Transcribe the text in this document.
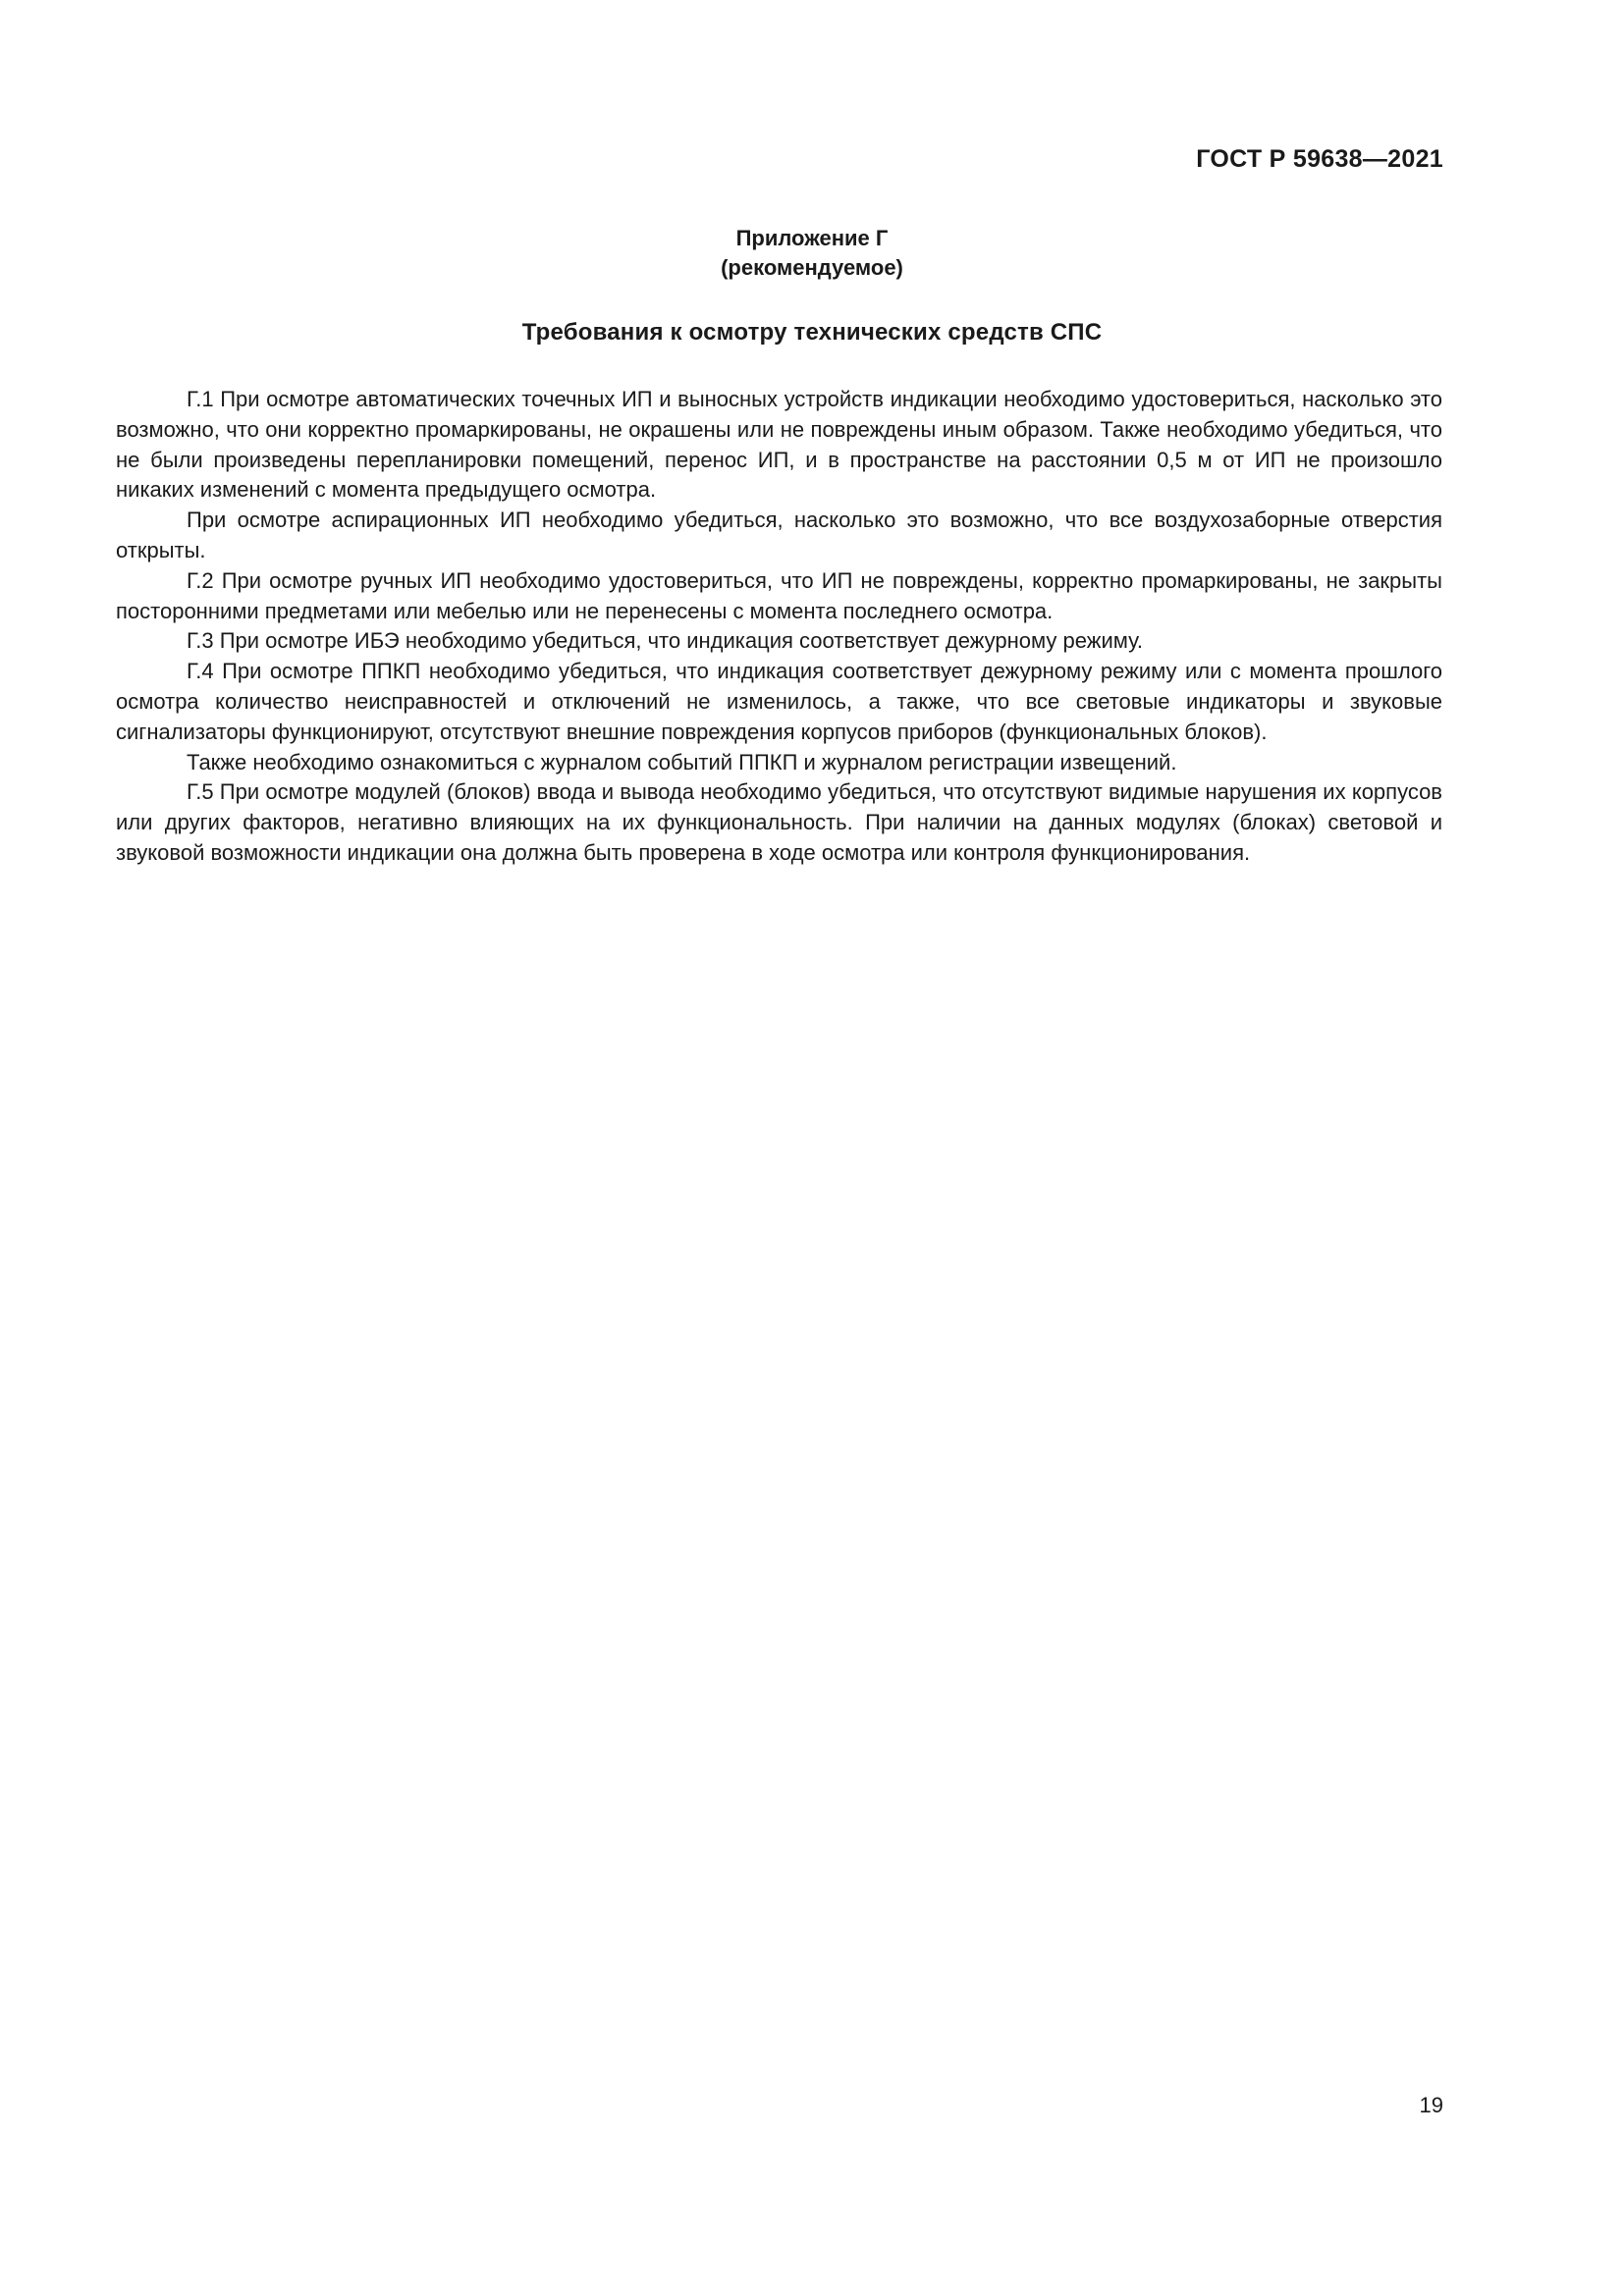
ГОСТ Р 59638—2021
Приложение Г
(рекомендуемое)
Требования к осмотру технических средств СПС

Г.1 При осмотре автоматических точечных ИП и выносных устройств индикации необходимо удостовериться, насколько это возможно, что они корректно промаркированы, не окрашены или не повреждены иным образом. Также необходимо убедиться, что не были произведены перепланировки помещений, перенос ИП, и в пространстве на расстоянии 0,5 м от ИП не произошло никаких изменений с момента предыдущего осмотра.

При осмотре аспирационных ИП необходимо убедиться, насколько это возможно, что все воздухозаборные отверстия открыты.

Г.2 При осмотре ручных ИП необходимо удостовериться, что ИП не повреждены, корректно промаркированы, не закрыты посторонними предметами или мебелью или не перенесены с момента последнего осмотра.

Г.3 При осмотре ИБЭ необходимо убедиться, что индикация соответствует дежурному режиму.

Г.4 При осмотре ППКП необходимо убедиться, что индикация соответствует дежурному режиму или с момента прошлого осмотра количество неисправностей и отключений не изменилось, а также, что все световые индикаторы и звуковые сигнализаторы функционируют, отсутствуют внешние повреждения корпусов приборов (функциональных блоков).

Также необходимо ознакомиться с журналом событий ППКП и журналом регистрации извещений.

Г.5 При осмотре модулей (блоков) ввода и вывода необходимо убедиться, что отсутствуют видимые нарушения их корпусов или других факторов, негативно влияющих на их функциональность. При наличии на данных модулях (блоках) световой и звуковой возможности индикации она должна быть проверена в ходе осмотра или контроля функционирования.

19
